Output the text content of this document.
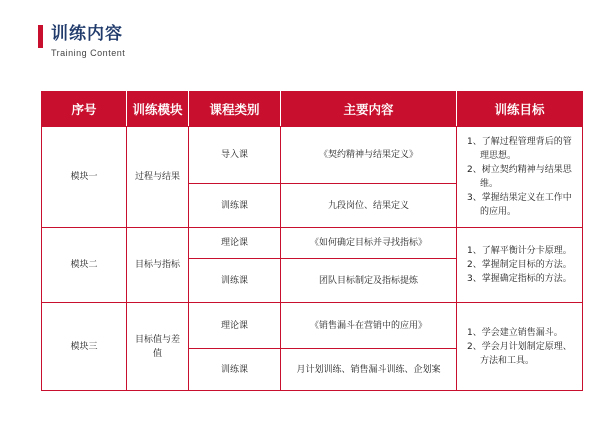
训练内容
Training Content
序号	训练模块	课程类别	主要内容	训练目标
模块一	过程与结果	导入课	《契约精神与结果定义》	1、了解过程管理背后的管理思想。
2、树立契约精神与结果思维。
3、掌握结果定义在工作中的应用。

		训练课	九段岗位、结果定义	
模块二	目标与指标	理论课	《如何确定目标并寻找指标》	1、了解平衡计分卡原理。
2、掌握制定目标的方法。
3、掌握确定指标的方法。

		训练课	团队目标制定及指标提炼	
模块三	目标值与差值	理论课	《销售漏斗在营销中的应用》	1、学会建立销售漏斗。
2、学会月计划制定原理、方法和工具。

		训练课	月计划训练、销售漏斗训练、企划案	
